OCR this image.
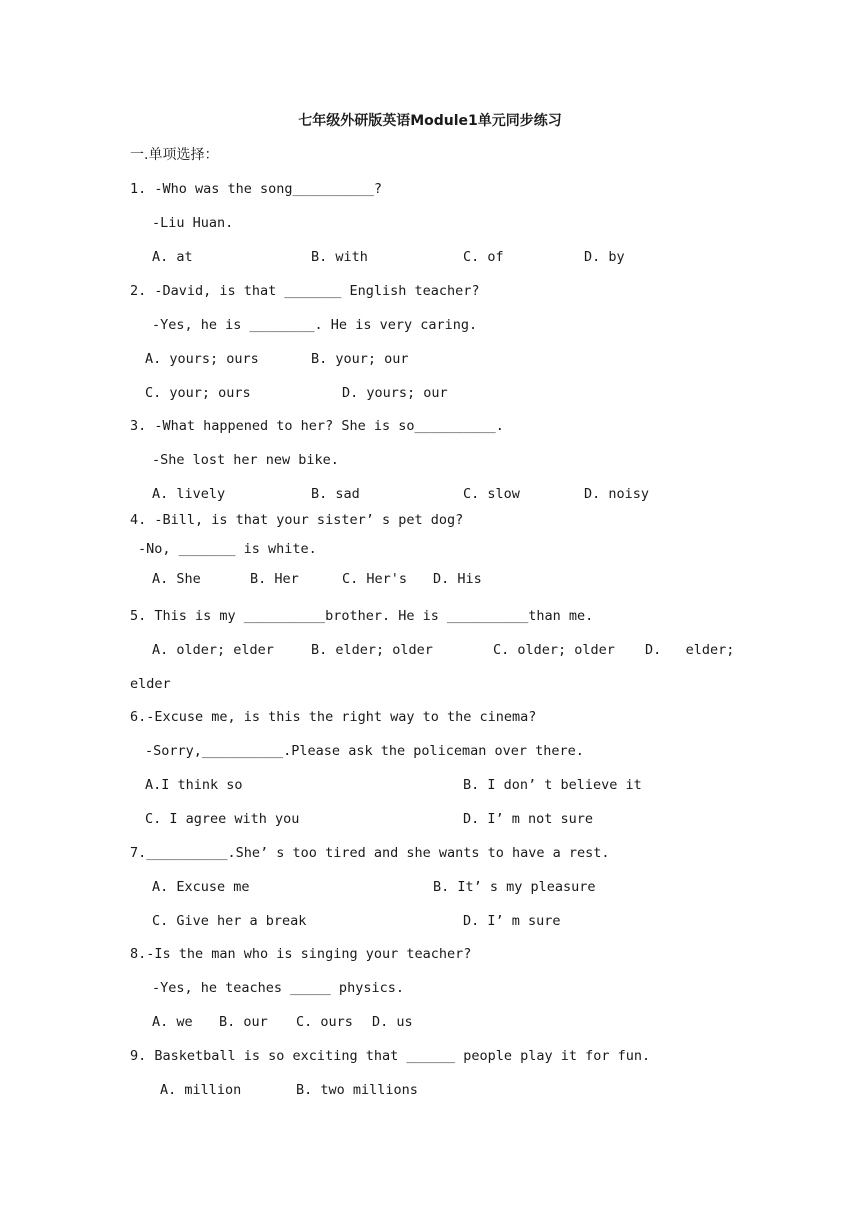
七年级外研版英语Module1单元同步练习
一.单项选择：
1. -Who was the song__________?
-Liu Huan.
A. at	B. with	C. of	D. by
2. -David, is that _______ English teacher?
-Yes, he is ________. He is very caring.
A. yours; ours	B. your; our
C. your; ours	D. yours; our
3. -What happened to her? She is so__________.
-She lost her new bike.
A. lively	B. sad	C. slow	D. noisy
4. -Bill, is that your sister’ s pet dog?
-No, _______ is white.
A. She	B. Her	C. Her's D. His
5. This is my __________brother. He is __________than me.
A. older; elder	B. elder; older	C. older; older D.   elder;
elder
6.-Excuse me, is this the right way to the cinema?
-Sorry,__________.Please ask the policeman over there.
A.I think so	B. I don’ t believe it
C. I agree with you	D. I’ m not sure
7.__________.She’ s too tired and she wants to have a rest.
A. Excuse me	B. It’ s my pleasure
C. Give her a break	D. I’ m sure
8.-Is the man who is singing your teacher?
-Yes, he teaches _____ physics.
A. we B. our C. ours D. us
9. Basketball is so exciting that ______ people play it for fun.
A. million	B. two millions
